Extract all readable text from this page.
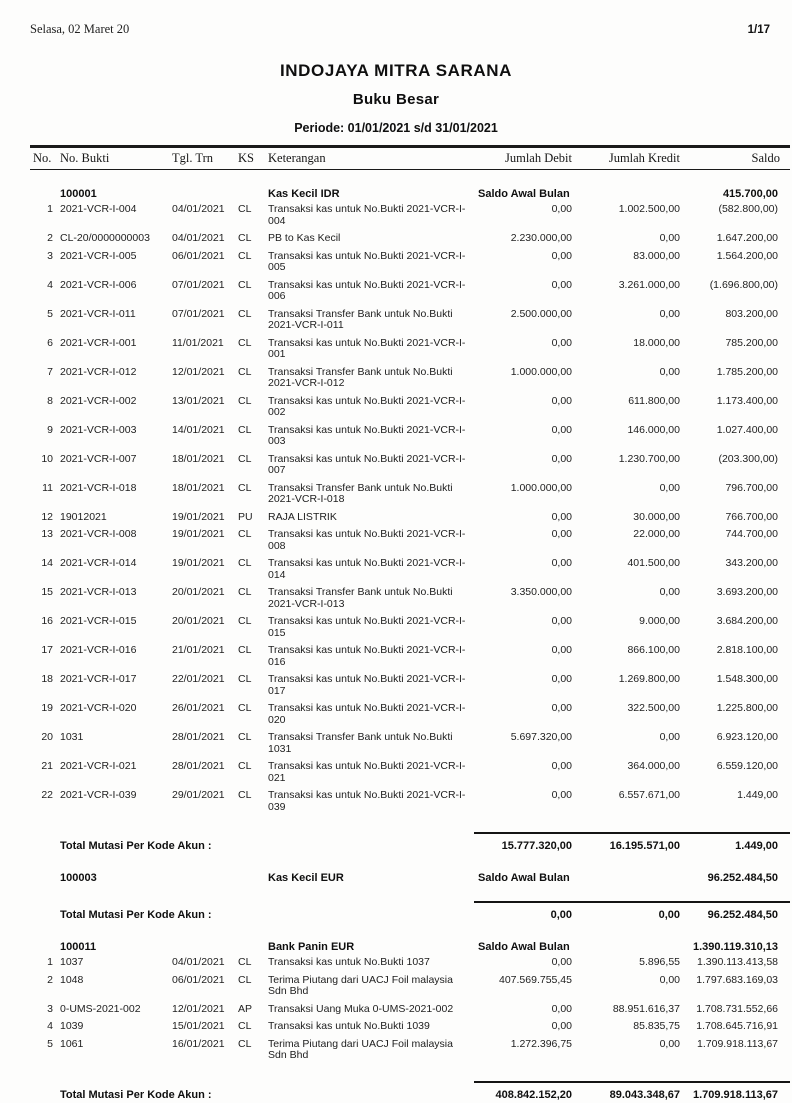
Selasa, 02 Maret 20	1/17
INDOJAYA MITRA SARANA
Buku Besar
Periode: 01/01/2021 s/d 31/01/2021
No. No. Bukti	Tgl. Trn	KS	Keterangan	Jumlah Debit	Jumlah Kredit	Saldo
100001	Kas Kecil IDR	Saldo Awal Bulan	415.700,00
1 2021-VCR-I-004	04/01/2021	CL	Transaksi kas untuk No.Bukti 2021-VCR-I-004
0,00	1.002.500,00	(582.800,00)
2 CL-20/0000000003	04/01/2021	CL	PB to Kas Kecil	2.230.000,00	0,00	1.647.200,00
3 2021-VCR-I-005	06/01/2021	CL	Transaksi kas untuk No.Bukti 2021-VCR-I-005
0,00	83.000,00	1.564.200,00
4 2021-VCR-I-006	07/01/2021	CL	Transaksi kas untuk No.Bukti 2021-VCR-I-006
0,00	3.261.000,00	(1.696.800,00)
5 2021-VCR-I-011	07/01/2021	CL	Transaksi Transfer Bank untuk No.Bukti 2021-VCR-I-011
2.500.000,00	0,00	803.200,00
6 2021-VCR-I-001	11/01/2021	CL	Transaksi kas untuk No.Bukti 2021-VCR-I-001
0,00	18.000,00	785.200,00
7 2021-VCR-I-012	12/01/2021	CL	Transaksi Transfer Bank untuk No.Bukti 2021-VCR-I-012
1.000.000,00	0,00	1.785.200,00
8 2021-VCR-I-002	13/01/2021	CL	Transaksi kas untuk No.Bukti 2021-VCR-I-002
0,00	611.800,00	1.173.400,00
9 2021-VCR-I-003	14/01/2021	CL	Transaksi kas untuk No.Bukti 2021-VCR-I-003
0,00	146.000,00	1.027.400,00
10 2021-VCR-I-007	18/01/2021	CL	Transaksi kas untuk No.Bukti 2021-VCR-I-007
0,00	1.230.700,00	(203.300,00)
11 2021-VCR-I-018	18/01/2021	CL	Transaksi Transfer Bank untuk No.Bukti 2021-VCR-I-018
1.000.000,00	0,00	796.700,00
12 19012021	19/01/2021	PU	RAJA LISTRIK	0,00	30.000,00	766.700,00
13 2021-VCR-I-008	19/01/2021	CL	Transaksi kas untuk No.Bukti 2021-VCR-I-008
0,00	22.000,00	744.700,00
14 2021-VCR-I-014	19/01/2021	CL	Transaksi kas untuk No.Bukti 2021-VCR-I-014
0,00	401.500,00	343.200,00
15 2021-VCR-I-013	20/01/2021	CL	Transaksi Transfer Bank untuk No.Bukti 2021-VCR-I-013
3.350.000,00	0,00	3.693.200,00
16 2021-VCR-I-015	20/01/2021	CL	Transaksi kas untuk No.Bukti 2021-VCR-I-015
0,00	9.000,00	3.684.200,00
17 2021-VCR-I-016	21/01/2021	CL	Transaksi kas untuk No.Bukti 2021-VCR-I-016
0,00	866.100,00	2.818.100,00
18 2021-VCR-I-017	22/01/2021	CL	Transaksi kas untuk No.Bukti 2021-VCR-I-017
0,00	1.269.800,00	1.548.300,00
19 2021-VCR-I-020	26/01/2021	CL	Transaksi kas untuk No.Bukti 2021-VCR-I-020
0,00	322.500,00	1.225.800,00
20 1031	28/01/2021	CL	Transaksi Transfer Bank untuk No.Bukti 1031
5.697.320,00	0,00	6.923.120,00
21 2021-VCR-I-021	28/01/2021	CL	Transaksi kas untuk No.Bukti 2021-VCR-I-021
0,00	364.000,00	6.559.120,00
22 2021-VCR-I-039	29/01/2021	CL	Transaksi kas untuk No.Bukti 2021-VCR-I-039
0,00	6.557.671,00	1.449,00
Total Mutasi Per Kode Akun :	15.777.320,00	16.195.571,00	1.449,00
100003	Kas Kecil EUR	Saldo Awal Bulan	96.252.484,50
Total Mutasi Per Kode Akun :	0,00	0,00	96.252.484,50
100011	Bank Panin EUR	Saldo Awal Bulan	1.390.119.310,13
1 1037	04/01/2021	CL	Transaksi kas untuk No.Bukti 1037	0,00	5.896,55	1.390.113.413,58
2 1048	06/01/2021	CL	Terima Piutang dari UACJ Foil malaysia Sdn Bhd
407.569.755,45	0,00	1.797.683.169,03
3 0-UMS-2021-002	12/01/2021	AP	Transaksi Uang Muka 0-UMS-2021-002	0,00	88.951.616,37	1.708.731.552,66
4 1039	15/01/2021	CL	Transaksi kas untuk No.Bukti 1039	0,00	85.835,75	1.708.645.716,91
5 1061	16/01/2021	CL	Terima Piutang dari UACJ Foil malaysia Sdn Bhd
1.272.396,75	0,00	1.709.918.113,67
Total Mutasi Per Kode Akun :	408.842.152,20	89.043.348,67	1.709.918.113,67
